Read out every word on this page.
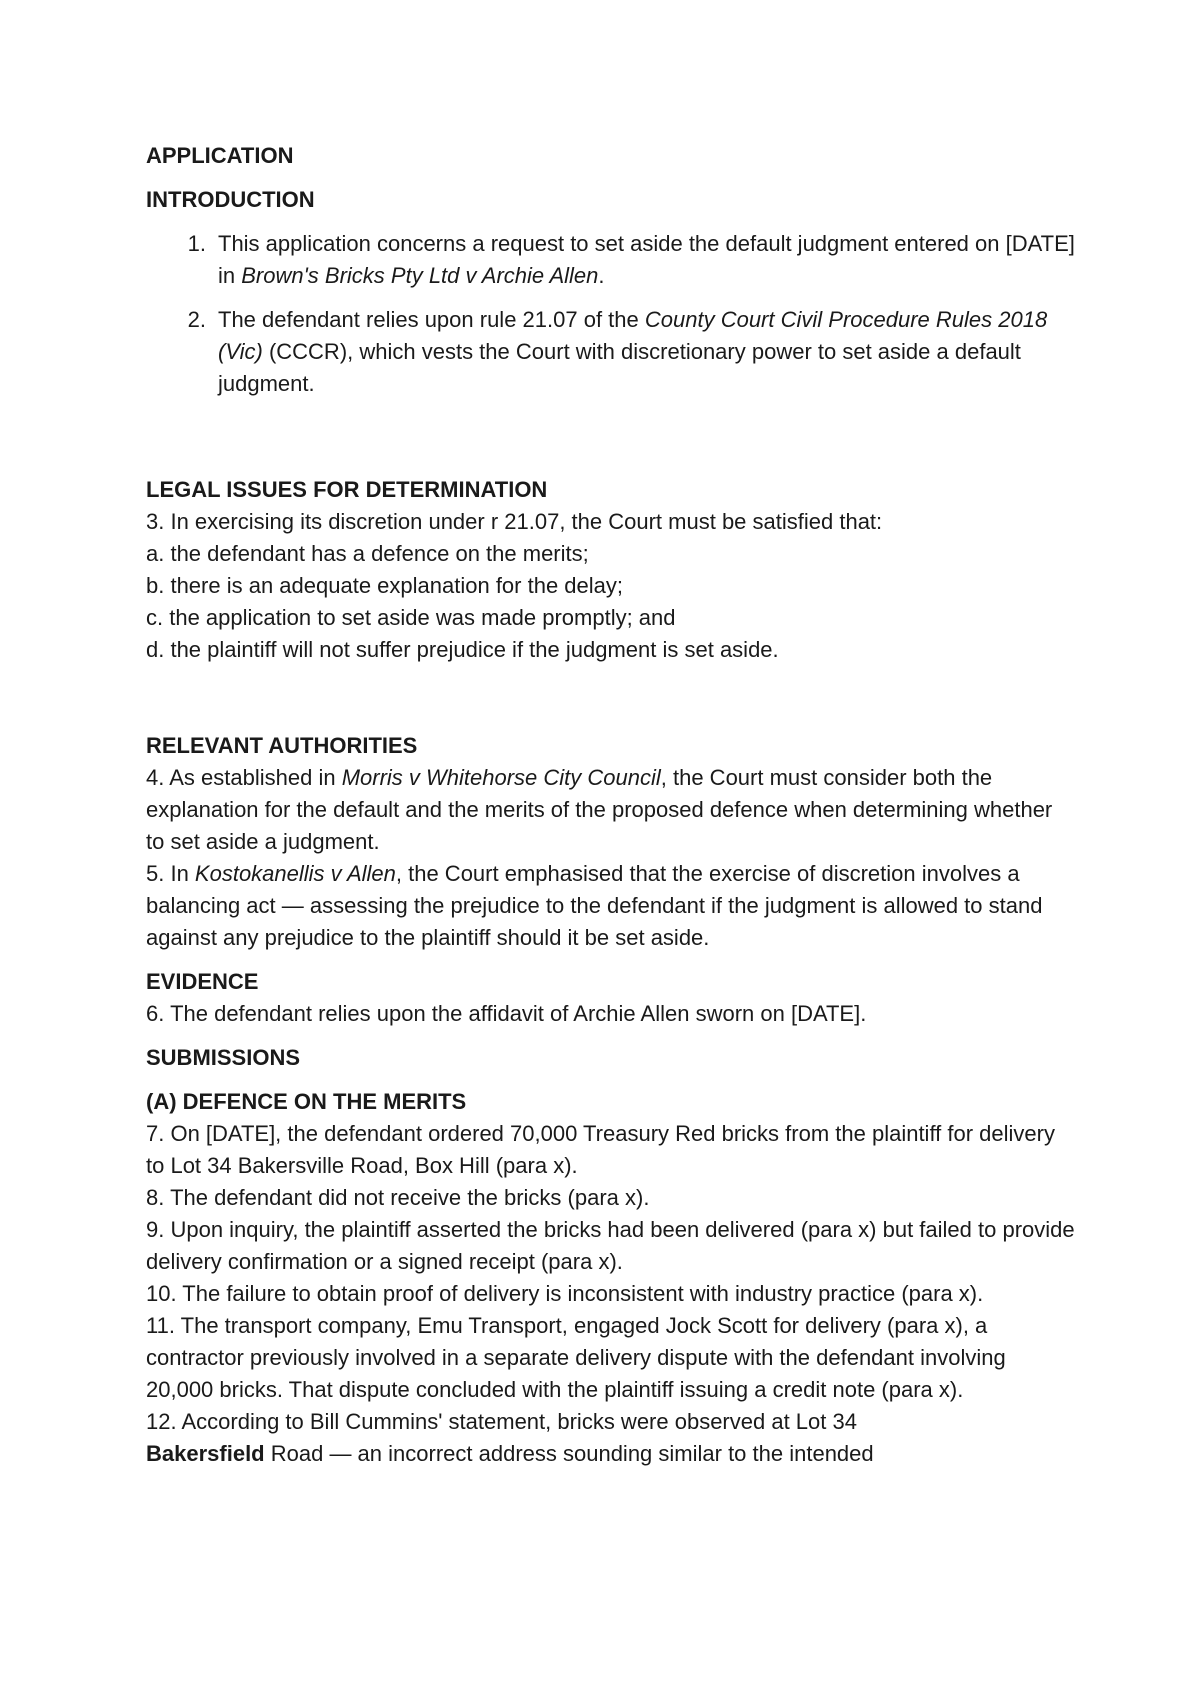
APPLICATION

INTRODUCTION

1. This application concerns a request to set aside the default judgment entered on [DATE] in Brown's Bricks Pty Ltd v Archie Allen.
2. The defendant relies upon rule 21.07 of the County Court Civil Procedure Rules 2018 (Vic) (CCCR), which vests the Court with discretionary power to set aside a default judgment.

LEGAL ISSUES FOR DETERMINATION

3. In exercising its discretion under r 21.07, the Court must be satisfied that:

a. the defendant has a defence on the merits;

b. there is an adequate explanation for the delay;

c. the application to set aside was made promptly; and

d. the plaintiff will not suffer prejudice if the judgment is set aside.

RELEVANT AUTHORITIES

4. As established in Morris v Whitehorse City Council, the Court must consider both the explanation for the default and the merits of the proposed defence when determining whether to set aside a judgment.

5. In Kostokanellis v Allen, the Court emphasised that the exercise of discretion involves a balancing act — assessing the prejudice to the defendant if the judgment is allowed to stand against any prejudice to the plaintiff should it be set aside.

EVIDENCE

6. The defendant relies upon the affidavit of Archie Allen sworn on [DATE].

SUBMISSIONS

(A) DEFENCE ON THE MERITS

7. On [DATE], the defendant ordered 70,000 Treasury Red bricks from the plaintiff for delivery to Lot 34 Bakersville Road, Box Hill (para x).

8. The defendant did not receive the bricks (para x).

9. Upon inquiry, the plaintiff asserted the bricks had been delivered (para x) but failed to provide delivery confirmation or a signed receipt (para x).

10. The failure to obtain proof of delivery is inconsistent with industry practice (para x).

11. The transport company, Emu Transport, engaged Jock Scott for delivery (para x), a contractor previously involved in a separate delivery dispute with the defendant involving 20,000 bricks. That dispute concluded with the plaintiff issuing a credit note (para x).

12. According to Bill Cummins' statement, bricks were observed at Lot 34
Bakersfield Road — an incorrect address sounding similar to the intended
